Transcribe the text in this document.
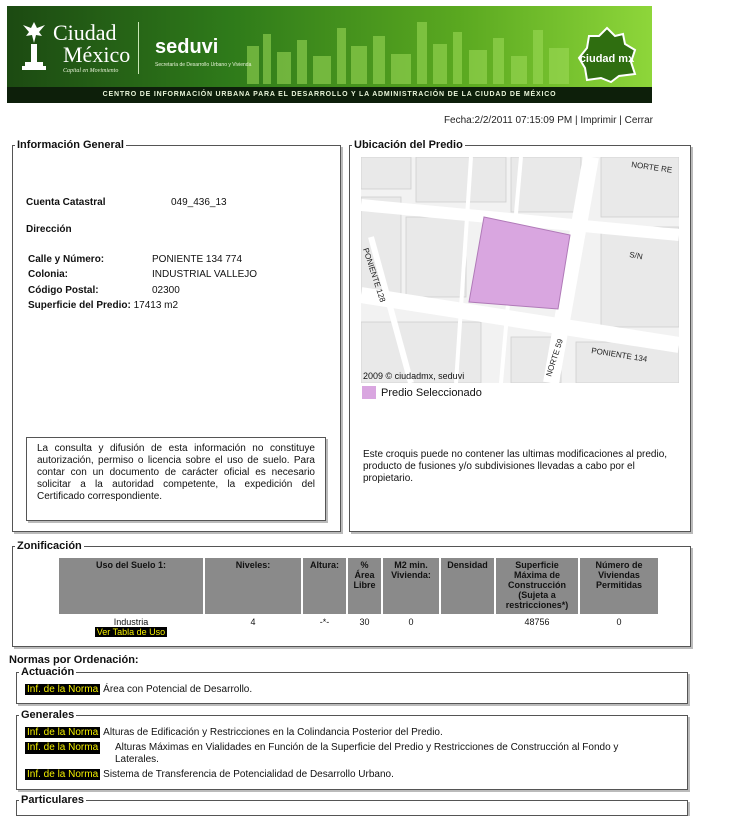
Ciudad
México
Capital en Movimiento
seduvi
Secretaría de Desarrollo Urbano y Vivienda	ciudad mx
CENTRO DE INFORMACIÓN URBANA PARA EL DESARROLLO Y LA ADMINISTRACIÓN DE LA CIUDAD DE MÉXICO
Fecha:2/2/2011 07:15:09 PM | Imprimir | Cerrar
Información General
Cuenta Catastral	049_436_13
Dirección
Calle y Número:	PONIENTE 134 774
Colonia:	INDUSTRIAL VALLEJO
Código Postal:	02300
Superficie del Predio: 17413 m2
La consulta y difusión de esta información no constituye autorización, permiso o licencia sobre el uso de suelo. Para contar con un documento de carácter oficial es necesario solicitar a la autoridad competente, la expedición del Certificado correspondiente.
Ubicación del Predio
NORTE RE
S/N
PONIENTE 128
NORTE 59	PONIENTE 134
2009 © ciudadmx, seduvi
Predio Seleccionado
Este croquis puede no contener las ultimas modificaciones al predio, producto de fusiones y/o subdivisiones llevadas a cabo por el propietario.
Zonificación
Uso del Suelo 1:	Niveles:	Altura:	% Área Libre	M2 min. Vivienda:	Densidad	Superficie Máxima de Construcción (Sujeta a restricciones*)	Número de Viviendas Permitidas

Industria
Ver Tabla de Uso	4	-*-	30	0		48756	0
Normas por Ordenación:
Actuación
Inf. de la Norma Área con Potencial de Desarrollo.
Generales
Inf. de la Norma Alturas de Edificación y Restricciones en la Colindancia Posterior del Predio.
Inf. de la Norma Alturas Máximas en Vialidades en Función de la Superficie del Predio y Restricciones de Construcción al Fondo y Laterales.
Inf. de la Norma Sistema de Transferencia de Potencialidad de Desarrollo Urbano.
Particulares
